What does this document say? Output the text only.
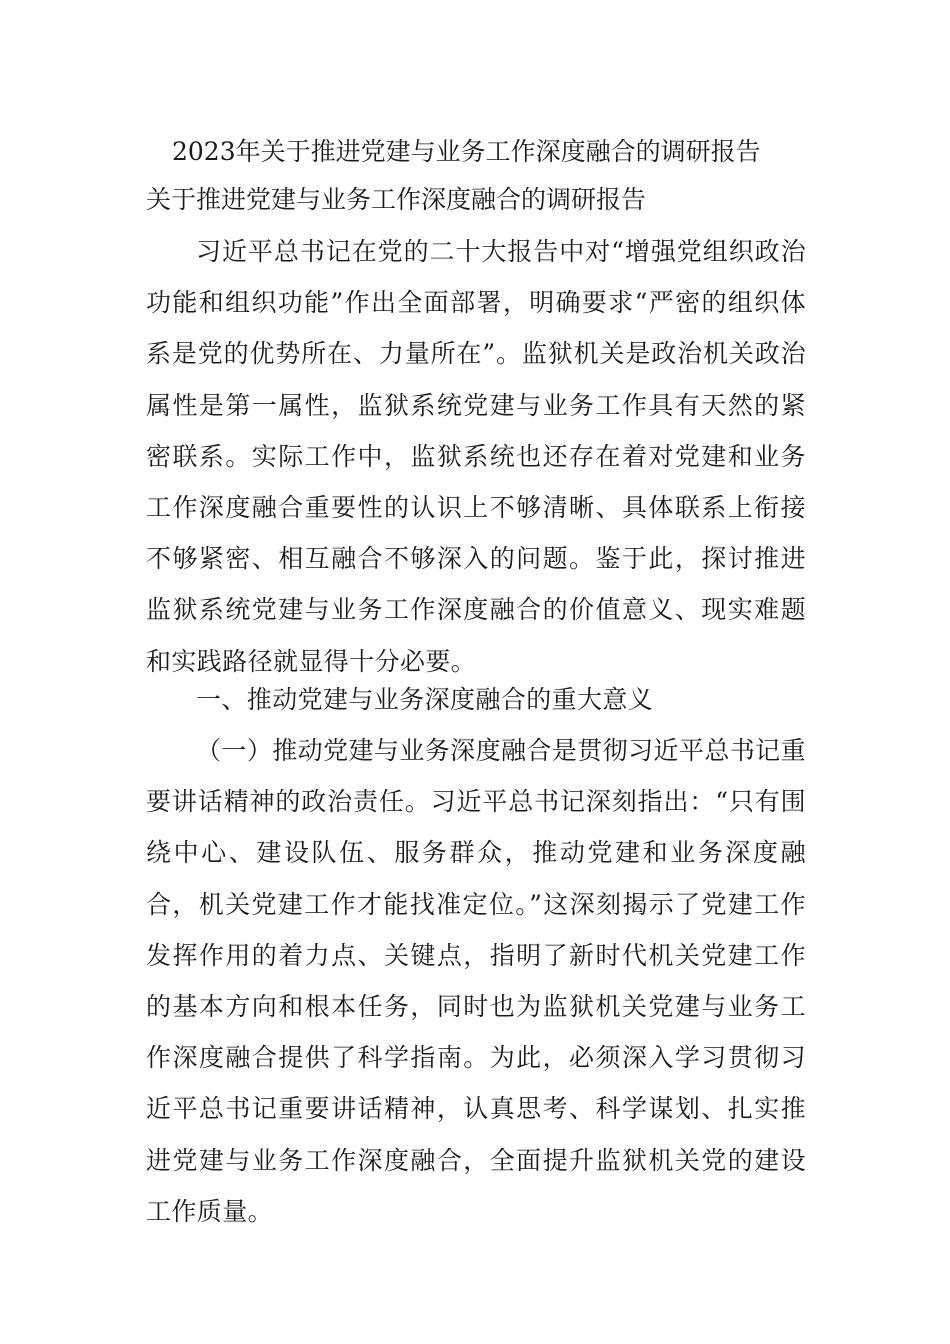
2023年关于推进党建与业务工作深度融合的调研报告
关于推进党建与业务工作深度融合的调研报告
习近平总书记在党的二十大报告中对“增强党组织政治功能和组织功能”作出全面部署，明确要求“严密的组织体系是党的优势所在、力量所在”。监狱机关是政治机关政治属性是第一属性，监狱系统党建与业务工作具有天然的紧密联系。实际工作中，监狱系统也还存在着对党建和业务工作深度融合重要性的认识上不够清晰、具体联系上衔接不够紧密、相互融合不够深入的问题。鉴于此，探讨推进监狱系统党建与业务工作深度融合的价值意义、现实难题和实践路径就显得十分必要。
一、推动党建与业务深度融合的重大意义
（一）推动党建与业务深度融合是贯彻习近平总书记重要讲话精神的政治责任。习近平总书记深刻指出：“只有围绕中心、建设队伍、服务群众，推动党建和业务深度融合，机关党建工作才能找准定位。”这深刻揭示了党建工作发挥作用的着力点、关键点，指明了新时代机关党建工作的基本方向和根本任务，同时也为监狱机关党建与业务工作深度融合提供了科学指南。为此，必须深入学习贯彻习近平总书记重要讲话精神，认真思考、科学谋划、扎实推进党建与业务工作深度融合，全面提升监狱机关党的建设工作质量。
